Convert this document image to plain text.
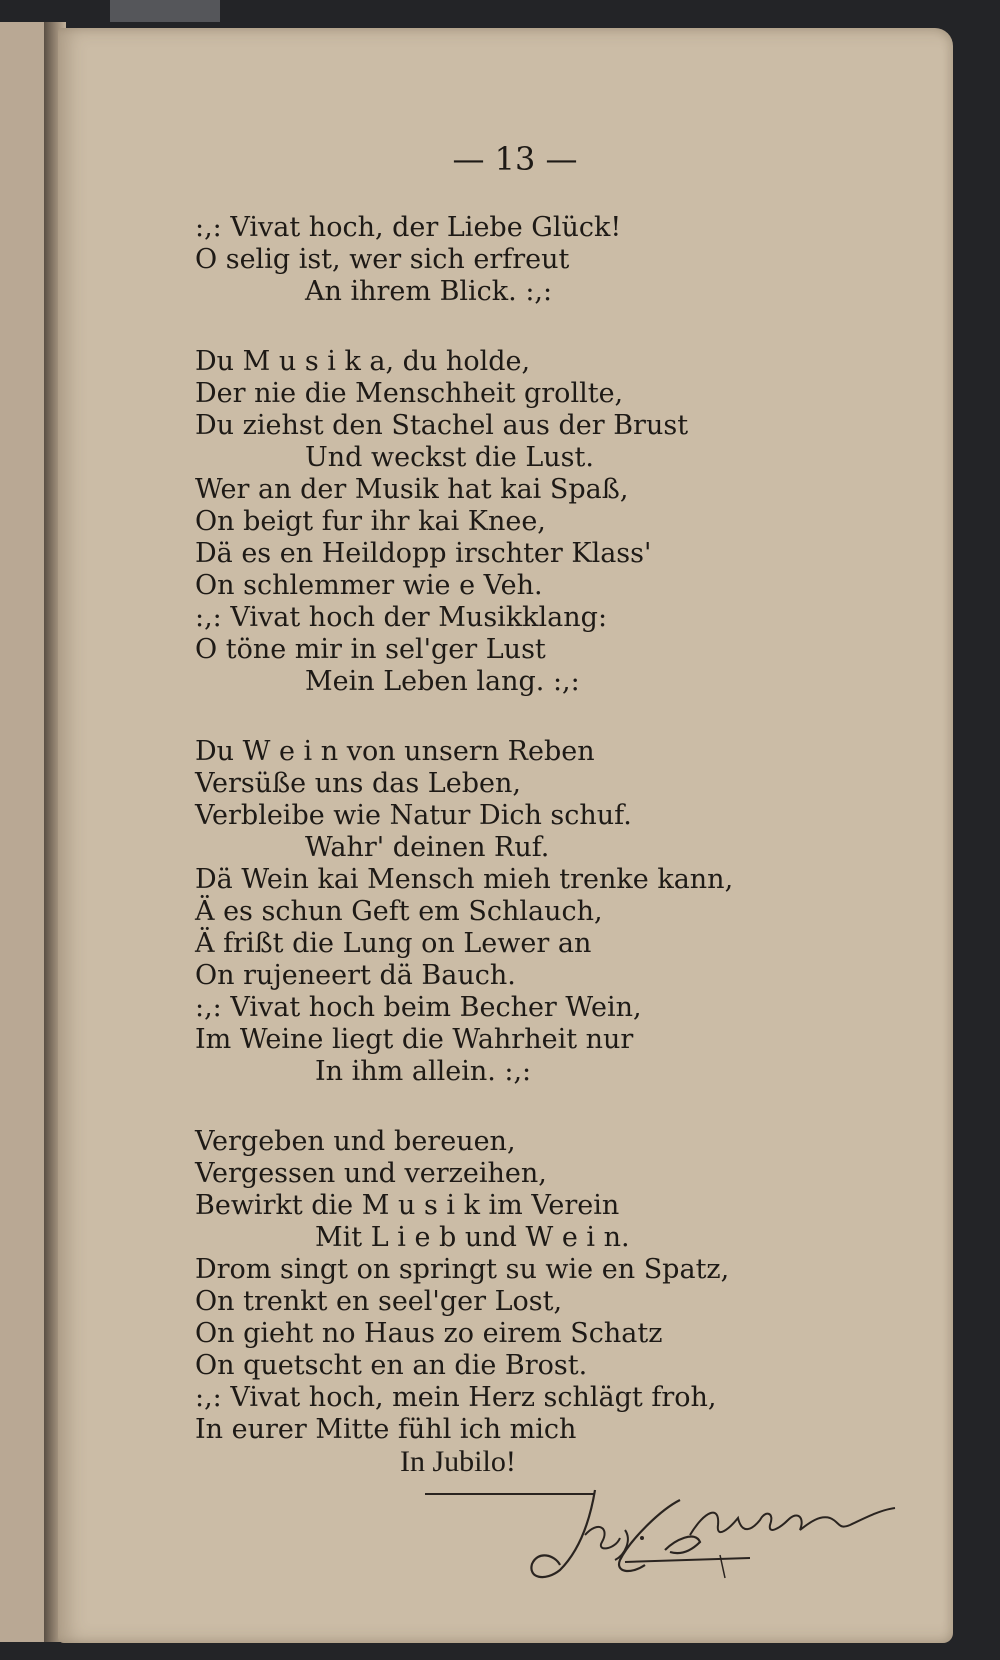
— 13 —
:,: Vivat hoch, der Liebe Glück!
O selig ist, wer sich erfreut
An ihrem Blick. :,:
Du M u s i k a, du holde,
Der nie die Menschheit grollte,
Du ziehst den Stachel aus der Brust
Und weckst die Lust.
Wer an der Musik hat kai Spaß,
On beigt fur ihr kai Knee,
Dä es en Heildopp irschter Klass'
On schlemmer wie e Veh.
:,: Vivat hoch der Musikklang:
O töne mir in sel'ger Lust
Mein Leben lang. :,:
Du W e i n von unsern Reben
Versüße uns das Leben,
Verbleibe wie Natur Dich schuf.
Wahr' deinen Ruf.
Dä Wein kai Mensch mieh trenke kann,
Ä es schun Geft em Schlauch,
Ä frißt die Lung on Lewer an
On rujeneert dä Bauch.
:,: Vivat hoch beim Becher Wein,
Im Weine liegt die Wahrheit nur
In ihm allein. :,:
Vergeben und bereuen,
Vergessen und verzeihen,
Bewirkt die M u s i k im Verein
Mit L i e b und W e i n.
Drom singt on springt su wie en Spatz,
On trenkt en seel'ger Lost,
On gieht no Haus zo eirem Schatz
On quetscht en an die Brost.
:,: Vivat hoch, mein Herz schlägt froh,
In eurer Mitte fühl ich mich
In Jubilo!
